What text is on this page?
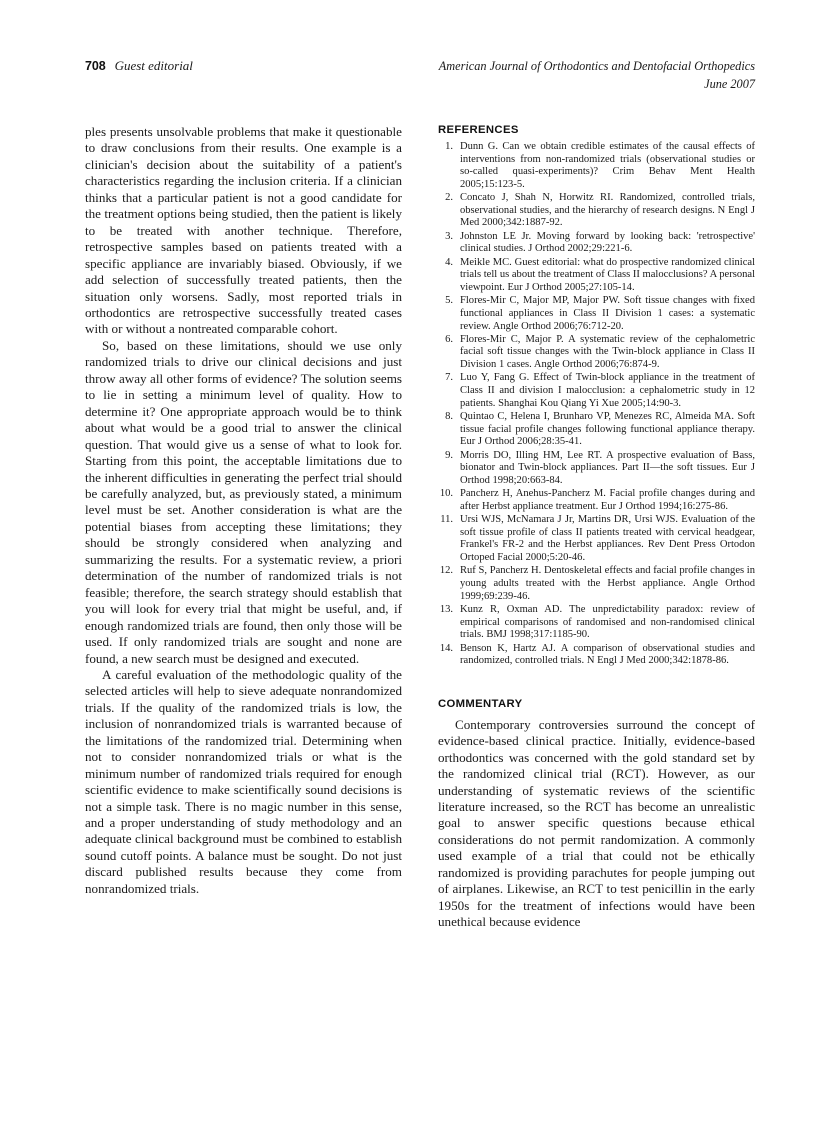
708 Guest editorial	American Journal of Orthodontics and Dentofacial Orthopedics
June 2007

ples presents unsolvable problems that make it questionable to draw conclusions from their results. One example is a clinician's decision about the suitability of a patient's characteristics regarding the inclusion criteria. If a clinician thinks that a particular patient is not a good candidate for the treatment options being studied, then the patient is likely to be treated with another technique. Therefore, retrospective samples based on patients treated with a specific appliance are invariably biased. Obviously, if we add selection of successfully treated patients, then the situation only worsens. Sadly, most reported trials in orthodontics are retrospective successfully treated cases with or without a nontreated comparable cohort.

So, based on these limitations, should we use only randomized trials to drive our clinical decisions and just throw away all other forms of evidence? The solution seems to lie in setting a minimum level of quality. How to determine it? One appropriate approach would be to think about what would be a good trial to answer the clinical question. That would give us a sense of what to look for. Starting from this point, the acceptable limitations due to the inherent difficulties in generating the perfect trial should be carefully analyzed, but, as previously stated, a minimum level must be set. Another consideration is what are the potential biases from accepting these limitations; they should be strongly considered when analyzing and summarizing the results. For a systematic review, a priori determination of the number of randomized trials is not feasible; therefore, the search strategy should establish that you will look for every trial that might be useful, and, if enough randomized trials are found, then only those will be used. If only randomized trials are sought and none are found, a new search must be designed and executed.

A careful evaluation of the methodologic quality of the selected articles will help to sieve adequate nonrandomized trials. If the quality of the randomized trials is low, the inclusion of nonrandomized trials is warranted because of the limitations of the randomized trial. Determining when not to consider nonrandomized trials or what is the minimum number of randomized trials required for enough scientific evidence to make scientifically sound decisions is not a simple task. There is no magic number in this sense, and a proper understanding of study methodology and an adequate clinical background must be combined to establish sound cutoff points. A balance must be sought. Do not just discard published results because they come from nonrandomized trials.

REFERENCES
1. Dunn G. Can we obtain credible estimates of the causal effects of interventions from non-randomized trials (observational studies or so-called quasi-experiments)? Crim Behav Ment Health 2005;15:123-5.
2. Concato J, Shah N, Horwitz RI. Randomized, controlled trials, observational studies, and the hierarchy of research designs. N Engl J Med 2000;342:1887-92.
3. Johnston LE Jr. Moving forward by looking back: 'retrospective' clinical studies. J Orthod 2002;29:221-6.
4. Meikle MC. Guest editorial: what do prospective randomized clinical trials tell us about the treatment of Class II malocclusions? A personal viewpoint. Eur J Orthod 2005;27:105-14.
5. Flores-Mir C, Major MP, Major PW. Soft tissue changes with fixed functional appliances in Class II Division 1 cases: a systematic review. Angle Orthod 2006;76:712-20.
6. Flores-Mir C, Major P. A systematic review of the cephalometric facial soft tissue changes with the Twin-block appliance in Class II Division 1 cases. Angle Orthod 2006;76:874-9.
7. Luo Y, Fang G. Effect of Twin-block appliance in the treatment of Class II and division I malocclusion: a cephalometric study in 12 patients. Shanghai Kou Qiang Yi Xue 2005;14:90-3.
8. Quintao C, Helena I, Brunharo VP, Menezes RC, Almeida MA. Soft tissue facial profile changes following functional appliance therapy. Eur J Orthod 2006;28:35-41.
9. Morris DO, Illing HM, Lee RT. A prospective evaluation of Bass, bionator and Twin-block appliances. Part II—the soft tissues. Eur J Orthod 1998;20:663-84.
10. Pancherz H, Anehus-Pancherz M. Facial profile changes during and after Herbst appliance treatment. Eur J Orthod 1994;16:275-86.
11. Ursi WJS, McNamara J Jr, Martins DR, Ursi WJS. Evaluation of the soft tissue profile of class II patients treated with cervical headgear, Frankel's FR-2 and the Herbst appliances. Rev Dent Press Ortodon Ortoped Facial 2000;5:20-46.
12. Ruf S, Pancherz H. Dentoskeletal effects and facial profile changes in young adults treated with the Herbst appliance. Angle Orthod 1999;69:239-46.
13. Kunz R, Oxman AD. The unpredictability paradox: review of empirical comparisons of randomised and non-randomised clinical trials. BMJ 1998;317:1185-90.
14. Benson K, Hartz AJ. A comparison of observational studies and randomized, controlled trials. N Engl J Med 2000;342:1878-86.
COMMENTARY

Contemporary controversies surround the concept of evidence-based clinical practice. Initially, evidence-based orthodontics was concerned with the gold standard set by the randomized clinical trial (RCT). However, as our understanding of systematic reviews of the scientific literature increased, so the RCT has become an unrealistic goal to answer specific questions because ethical considerations do not permit randomization. A commonly used example of a trial that could not be ethically randomized is providing parachutes for people jumping out of airplanes. Likewise, an RCT to test penicillin in the early 1950s for the treatment of infections would have been unethical because evidence
